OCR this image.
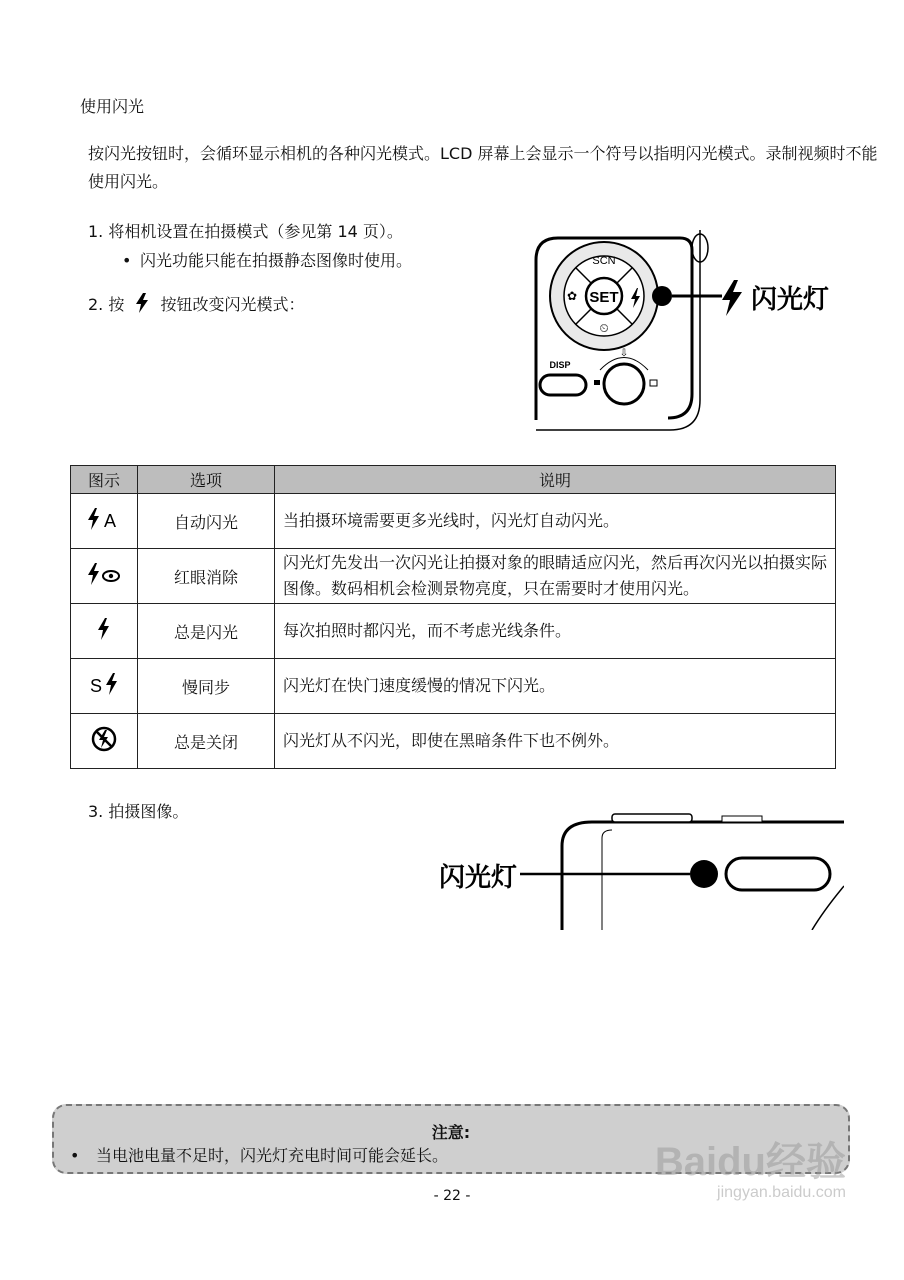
使用闪光
按闪光按钮时，会循环显示相机的各种闪光模式。LCD 屏幕上会显示一个符号以指明闪光模式。录制视频时不能使用闪光。
1. 将相机设置在拍摄模式（参见第 14 页）。
• 闪光功能只能在拍摄静态图像时使用。
2. 按 按钮改变闪光模式：	SET
SCN
✿
⏲
闪光灯
DISP
⇩
图示	选项	说明

A	自动闪光	当拍摄环境需要更多光线时，闪光灯自动闪光。
	红眼消除	闪光灯先发出一次闪光让拍摄对象的眼睛适应闪光，然后再次闪光以拍摄实际图像。数码相机会检测景物亮度，只在需要时才使用闪光。
	总是闪光	每次拍照时都闪光，而不考虑光线条件。

S	慢同步	闪光灯在快门速度缓慢的情况下闪光。
	总是关闭	闪光灯从不闪光，即使在黑暗条件下也不例外。
3. 拍摄图像。
闪光灯
注意:
• 当电池电量不足时，闪光灯充电时间可能会延长。
- 22 -
Baidu经验
jingyan.baidu.com
